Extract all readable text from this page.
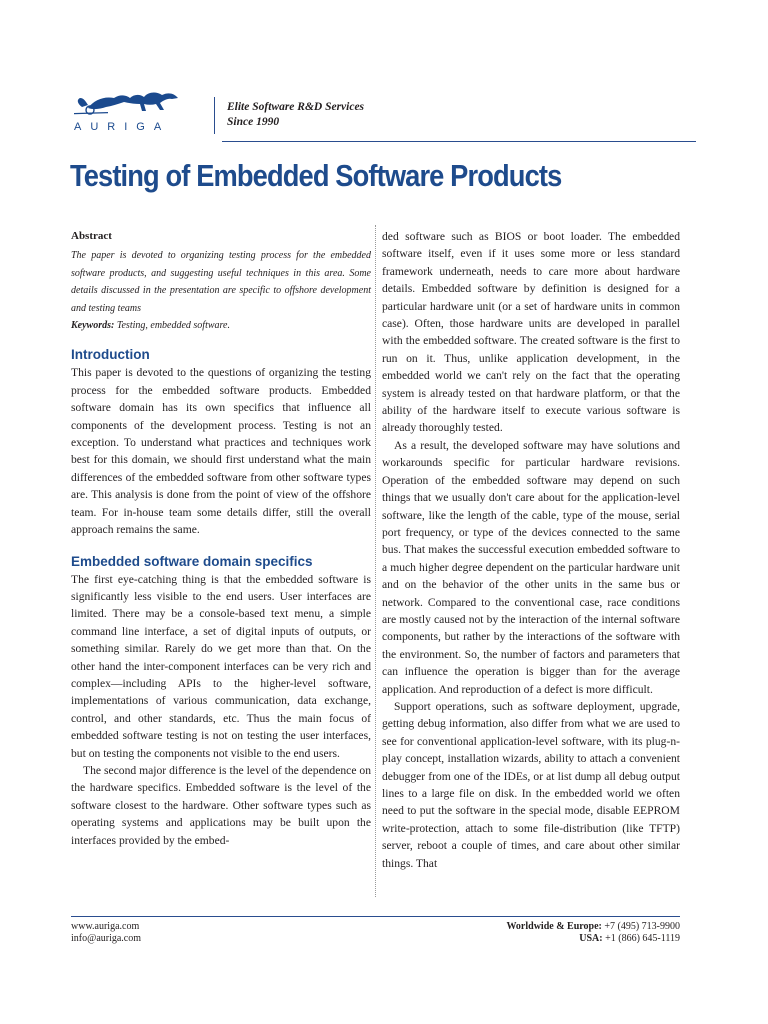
AURIGA
Elite Software R&D Services
Since 1990
Testing of Embedded Software Products
Abstract

The paper is devoted to organizing testing process for the embedded software products, and suggesting useful techniques in this area. Some details discussed in the presentation are specific to offshore development and testing teams

Keywords: Testing, embedded software.

Introduction

This paper is devoted to the questions of organizing the testing process for the embedded software products. Embedded software domain has its own specifics that influence all components of the development process. Testing is not an exception. To understand what practices and techniques work best for this domain, we should first understand what the main differences of the embedded software from other software types are. This analysis is done from the point of view of the offshore team. For in-house team some details differ, still the overall approach remains the same.

Embedded software domain specifics

The first eye-catching thing is that the embedded software is significantly less visible to the end users. User interfaces are limited. There may be a console-based text menu, a simple command line interface, a set of digital inputs of outputs, or something similar. Rarely do we get more than that. On the other hand the inter-component interfaces can be very rich and complex—including APIs to the higher-level software, implementations of various communication, data exchange, control, and other standards, etc. Thus the main focus of embedded software testing is not on testing the user interfaces, but on testing the components not visible to the end users.

The second major difference is the level of the dependence on the hardware specifics. Embedded software is the level of the software closest to the hardware. Other software types such as operating systems and applications may be built upon the interfaces provided by the embed-

ded software such as BIOS or boot loader. The embedded software itself, even if it uses some more or less standard framework underneath, needs to care more about hardware details. Embedded software by definition is designed for a particular hardware unit (or a set of hardware units in common case). Often, those hardware units are developed in parallel with the embedded software. The created software is the first to run on it. Thus, unlike application development, in the embedded world we can't rely on the fact that the operating system is already tested on that hardware platform, or that the ability of the hardware itself to execute various software is already thoroughly tested.

As a result, the developed software may have solutions and workarounds specific for particular hardware revisions. Operation of the embedded software may depend on such things that we usually don't care about for the application-level software, like the length of the cable, type of the mouse, serial port frequency, or type of the devices connected to the same bus. That makes the successful execution embedded software to a much higher degree dependent on the particular hardware unit and on the behavior of the other units in the same bus or network. Compared to the conventional case, race conditions are mostly caused not by the interaction of the internal software components, but rather by the interactions of the software with the environment. So, the number of factors and parameters that can influence the operation is bigger than for the average application. And reproduction of a defect is more difficult.

Support operations, such as software deployment, upgrade, getting debug information, also differ from what we are used to see for conventional application-level software, with its plug-n-play concept, installation wizards, ability to attach a convenient debugger from one of the IDEs, or at list dump all debug output lines to a large file on disk. In the embedded world we often need to put the software in the special mode, disable EEPROM write-protection, attach to some file-distribution (like TFTP) server, reboot a couple of times, and care about other similar things. That

www.auriga.com
info@auriga.com
Worldwide & Europe: +7 (495) 713-9900
USA: +1 (866) 645-1119
